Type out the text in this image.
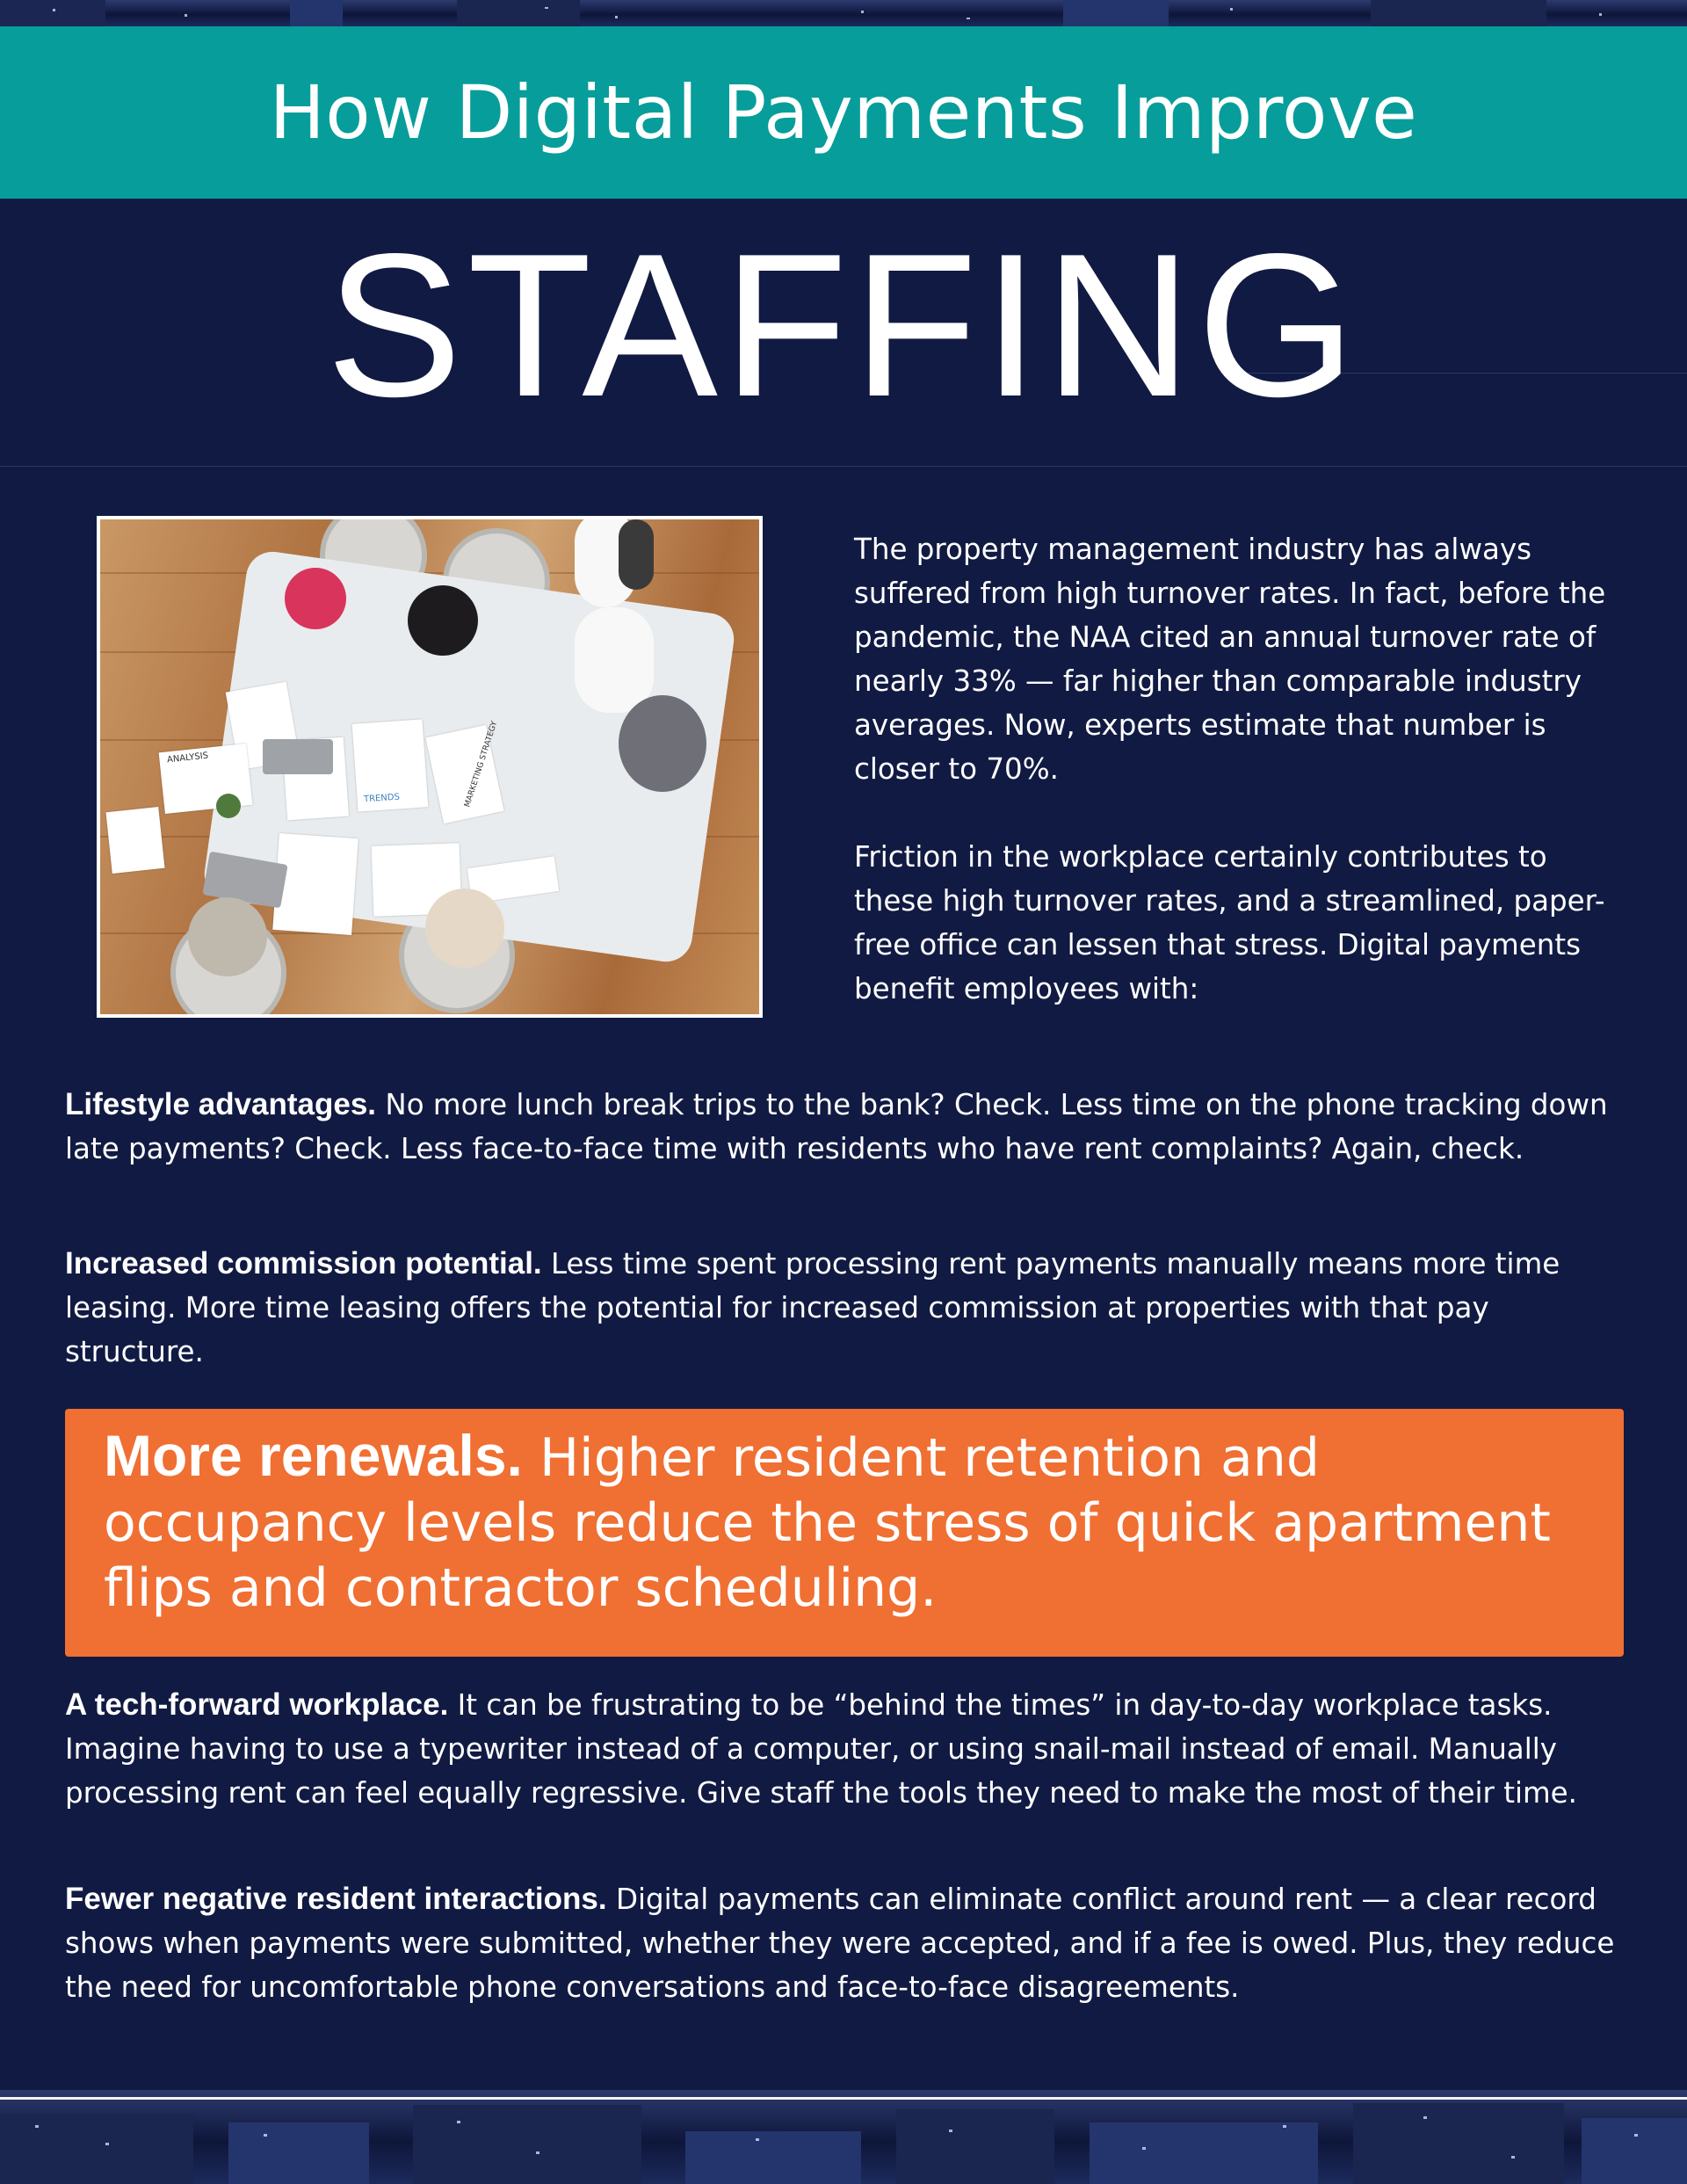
How Digital Payments Improve
STAFFING
ANALYSIS
TRENDS	MARKETING STRATEGY

The property management industry has always suffered from high turnover rates. In fact, before the pandemic, the NAA cited an annual turnover rate of nearly 33% — far higher than comparable industry averages. Now, experts estimate that number is closer to 70%.

Friction in the workplace certainly contributes to these high turnover rates, and a streamlined, paper-free office can lessen that stress. Digital payments benefit employees with:

Lifestyle advantages. No more lunch break trips to the bank? Check. Less time on the phone tracking down late payments? Check. Less face-to-face time with residents who have rent complaints? Again, check.

Increased commission potential. Less time spent processing rent payments manually means more time leasing. More time leasing offers the potential for increased commission at properties with that pay structure.

More renewals. Higher resident retention and occupancy levels reduce the stress of quick apartment flips and contractor scheduling.

A tech-forward workplace. It can be frustrating to be “behind the times” in day-to-day workplace tasks. Imagine having to use a typewriter instead of a computer, or using snail-mail instead of email. Manually processing rent can feel equally regressive. Give staff the tools they need to make the most of their time.

Fewer negative resident interactions. Digital payments can eliminate conflict around rent — a clear record shows when payments were submitted, whether they were accepted, and if a fee is owed. Plus, they reduce the need for uncomfortable phone conversations and face-to-face disagreements.
